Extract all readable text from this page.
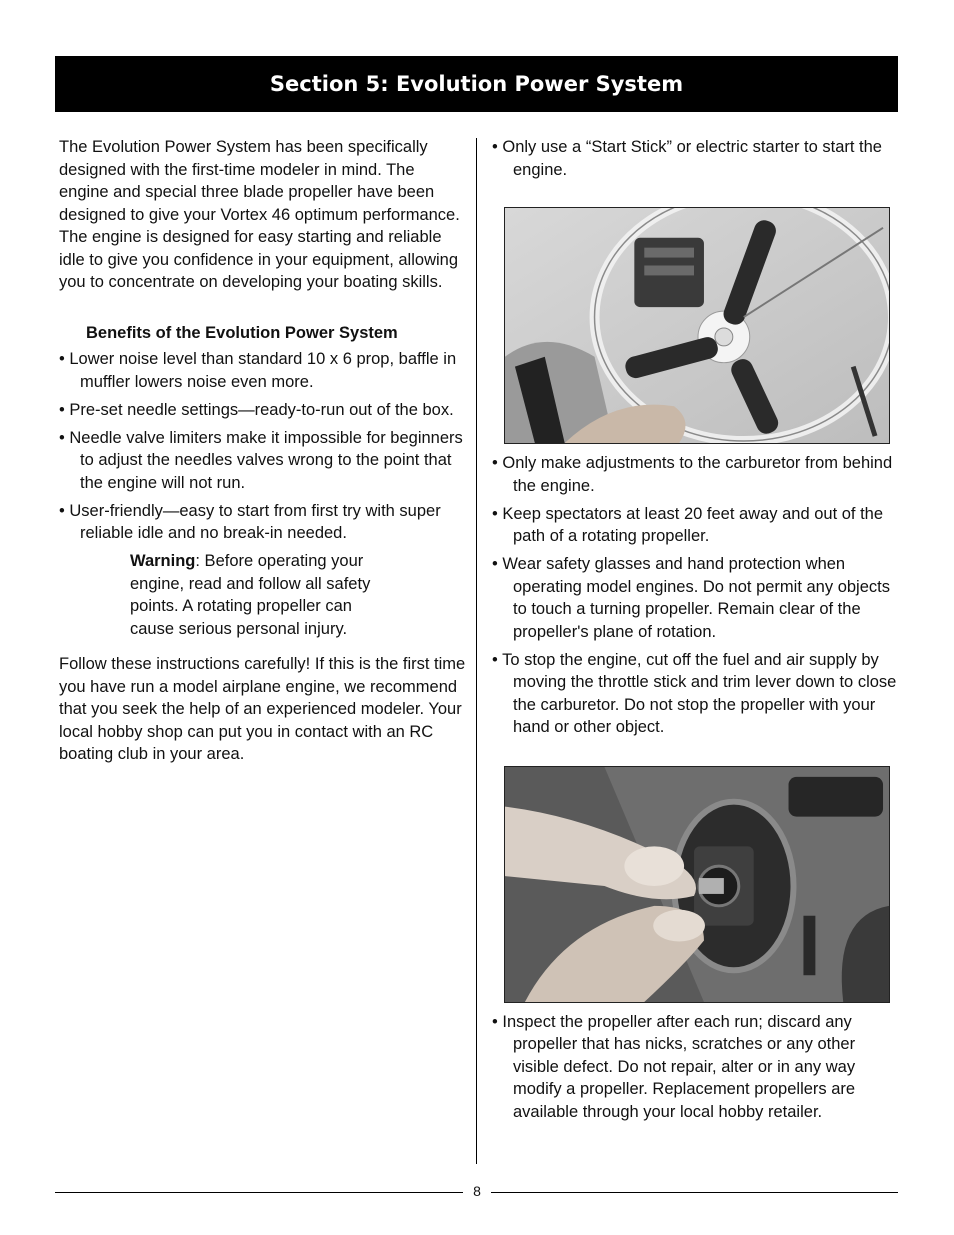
Section 5: Evolution Power System

The Evolution Power System has been specifically designed with the first-time modeler in mind. The engine and special three blade propeller have been designed to give your Vortex 46 optimum performance. The engine is designed for easy starting and reliable idle to give you confidence in your equipment, allowing you to concentrate on developing your boating skills.

Benefits of the Evolution Power System

• Lower noise level than standard 10 x 6 prop, baffle in muffler lowers noise even more.
• Pre-set needle settings—ready-to-run out of the box.
• Needle valve limiters make it impossible for beginners to adjust the needles valves wrong to the point that the engine will not run.
• User-friendly—easy to start from first try with super reliable idle and no break-in needed.

Warning: Before operating your engine, read and follow all safety points. A rotating propeller can cause serious personal injury.

Follow these instructions carefully! If this is the first time you have run a model airplane engine, we recommend that you seek the help of an experienced modeler. Your local hobby shop can put you in contact with an RC boating club in your area.

• Only use a “Start Stick” or electric starter to start the engine.
• Only make adjustments to the carburetor from behind the engine.
• Keep spectators at least 20 feet away and out of the path of a rotating propeller.
• Wear safety glasses and hand protection when operating model engines. Do not permit any objects to touch a turning propeller. Remain clear of the propeller's plane of rotation.
• To stop the engine, cut off the fuel and air supply by moving the throttle stick and trim lever down to close the carburetor. Do not stop the propeller with your hand or other object.
• Inspect the propeller after each run; discard any propeller that has nicks, scratches or any other visible defect. Do not repair, alter or in any way modify a propeller. Replacement propellers are available through your local hobby retailer.
8
